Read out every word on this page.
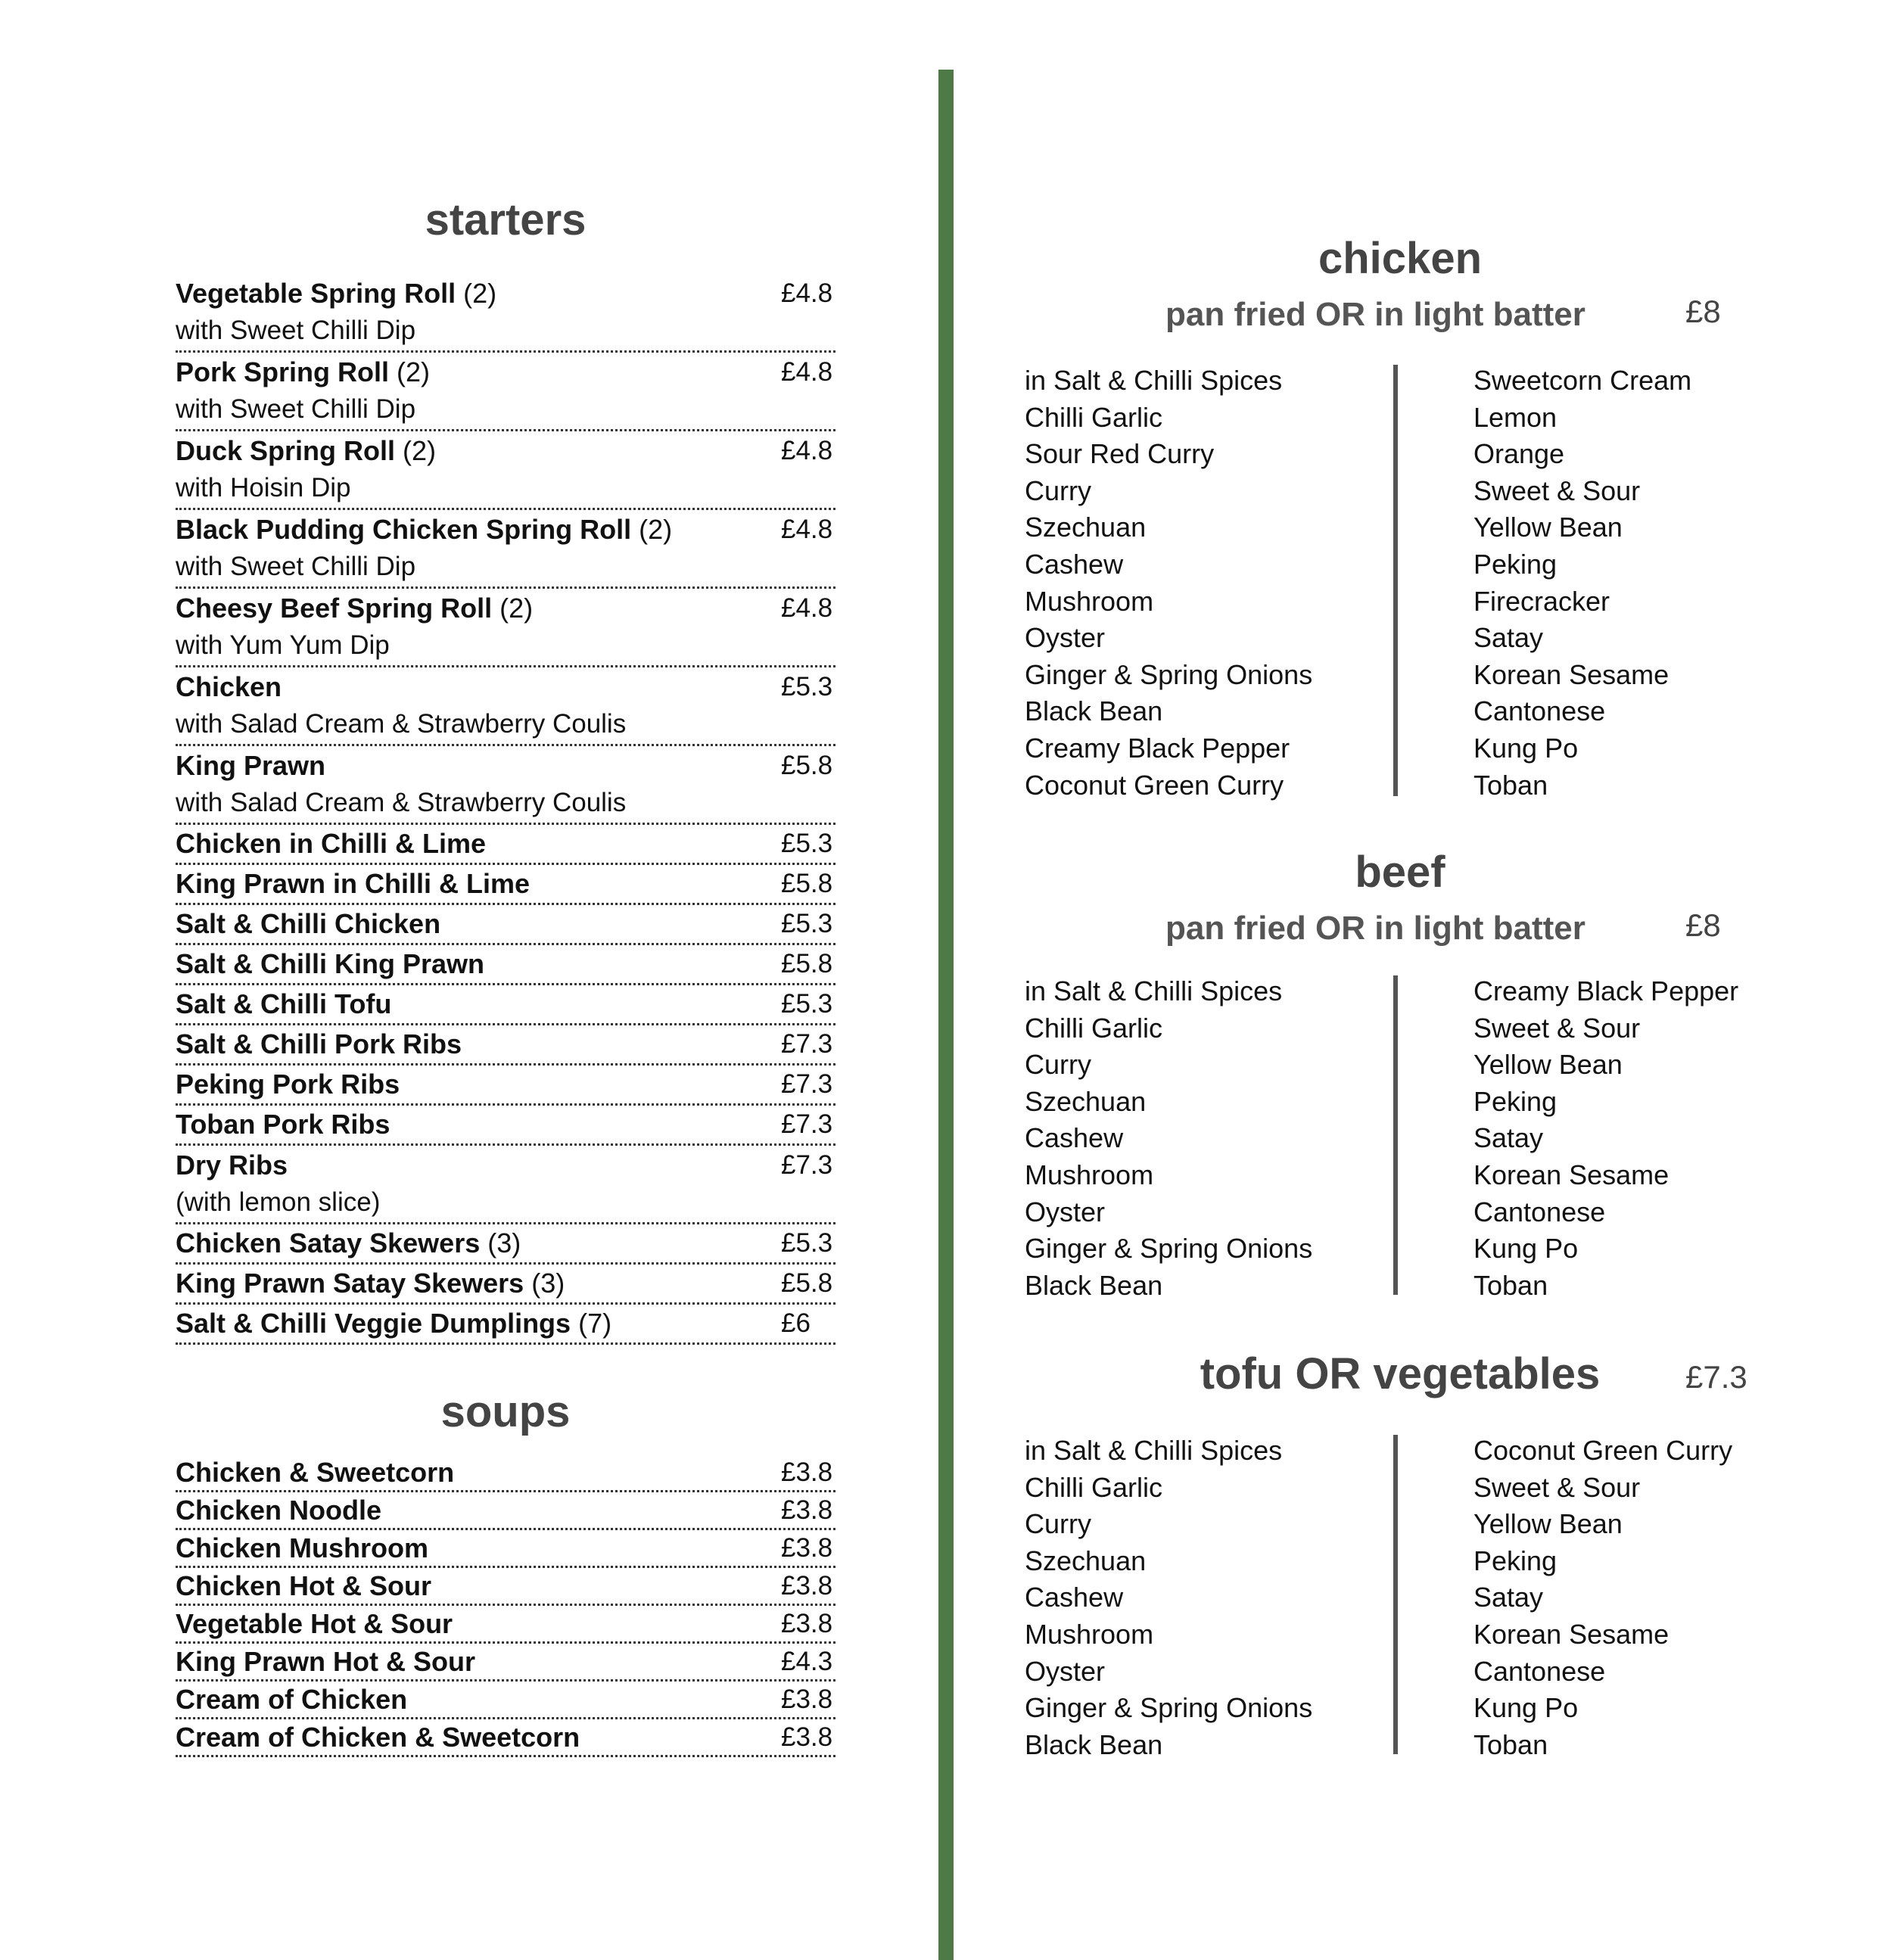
starters
Vegetable Spring Roll (2)	£4.8
with Sweet Chilli Dip
Pork Spring Roll (2)	£4.8
with Sweet Chilli Dip
Duck Spring Roll (2)	£4.8
with Hoisin Dip
Black Pudding Chicken Spring Roll (2)	£4.8
with Sweet Chilli Dip
Cheesy Beef Spring Roll (2)	£4.8
with Yum Yum Dip
Chicken	£5.3
with Salad Cream & Strawberry Coulis
King Prawn	£5.8
with Salad Cream & Strawberry Coulis
Chicken in Chilli & Lime	£5.3
King Prawn in Chilli & Lime	£5.8
Salt & Chilli Chicken	£5.3
Salt & Chilli King Prawn	£5.8
Salt & Chilli Tofu	£5.3
Salt & Chilli Pork Ribs	£7.3
Peking Pork Ribs	£7.3
Toban Pork Ribs	£7.3
Dry Ribs	£7.3
(with lemon slice)
Chicken Satay Skewers (3)	£5.3
King Prawn Satay Skewers (3)	£5.8
Salt & Chilli Veggie Dumplings (7)	£6
soups
Chicken & Sweetcorn	£3.8
Chicken Noodle	£3.8
Chicken Mushroom	£3.8
Chicken Hot & Sour	£3.8
Vegetable Hot & Sour	£3.8
King Prawn Hot & Sour	£4.3
Cream of Chicken	£3.8
Cream of Chicken & Sweetcorn	£3.8
chicken
pan fried OR in light batter	£8
in Salt & Chilli Spices
Chilli Garlic
Sour Red Curry
Curry
Szechuan
Cashew
Mushroom
Oyster
Ginger & Spring Onions
Black Bean
Creamy Black Pepper
Coconut Green Curry
Sweetcorn Cream
Lemon
Orange
Sweet & Sour
Yellow Bean
Peking
Firecracker
Satay
Korean Sesame
Cantonese
Kung Po
Toban
beef
pan fried OR in light batter	£8
in Salt & Chilli Spices
Chilli Garlic
Curry
Szechuan
Cashew
Mushroom
Oyster
Ginger & Spring Onions
Black Bean
Creamy Black Pepper
Sweet & Sour
Yellow Bean
Peking
Satay
Korean Sesame
Cantonese
Kung Po
Toban
tofu OR vegetables	£7.3
in Salt & Chilli Spices
Chilli Garlic
Curry
Szechuan
Cashew
Mushroom
Oyster
Ginger & Spring Onions
Black Bean
Coconut Green Curry
Sweet & Sour
Yellow Bean
Peking
Satay
Korean Sesame
Cantonese
Kung Po
Toban
